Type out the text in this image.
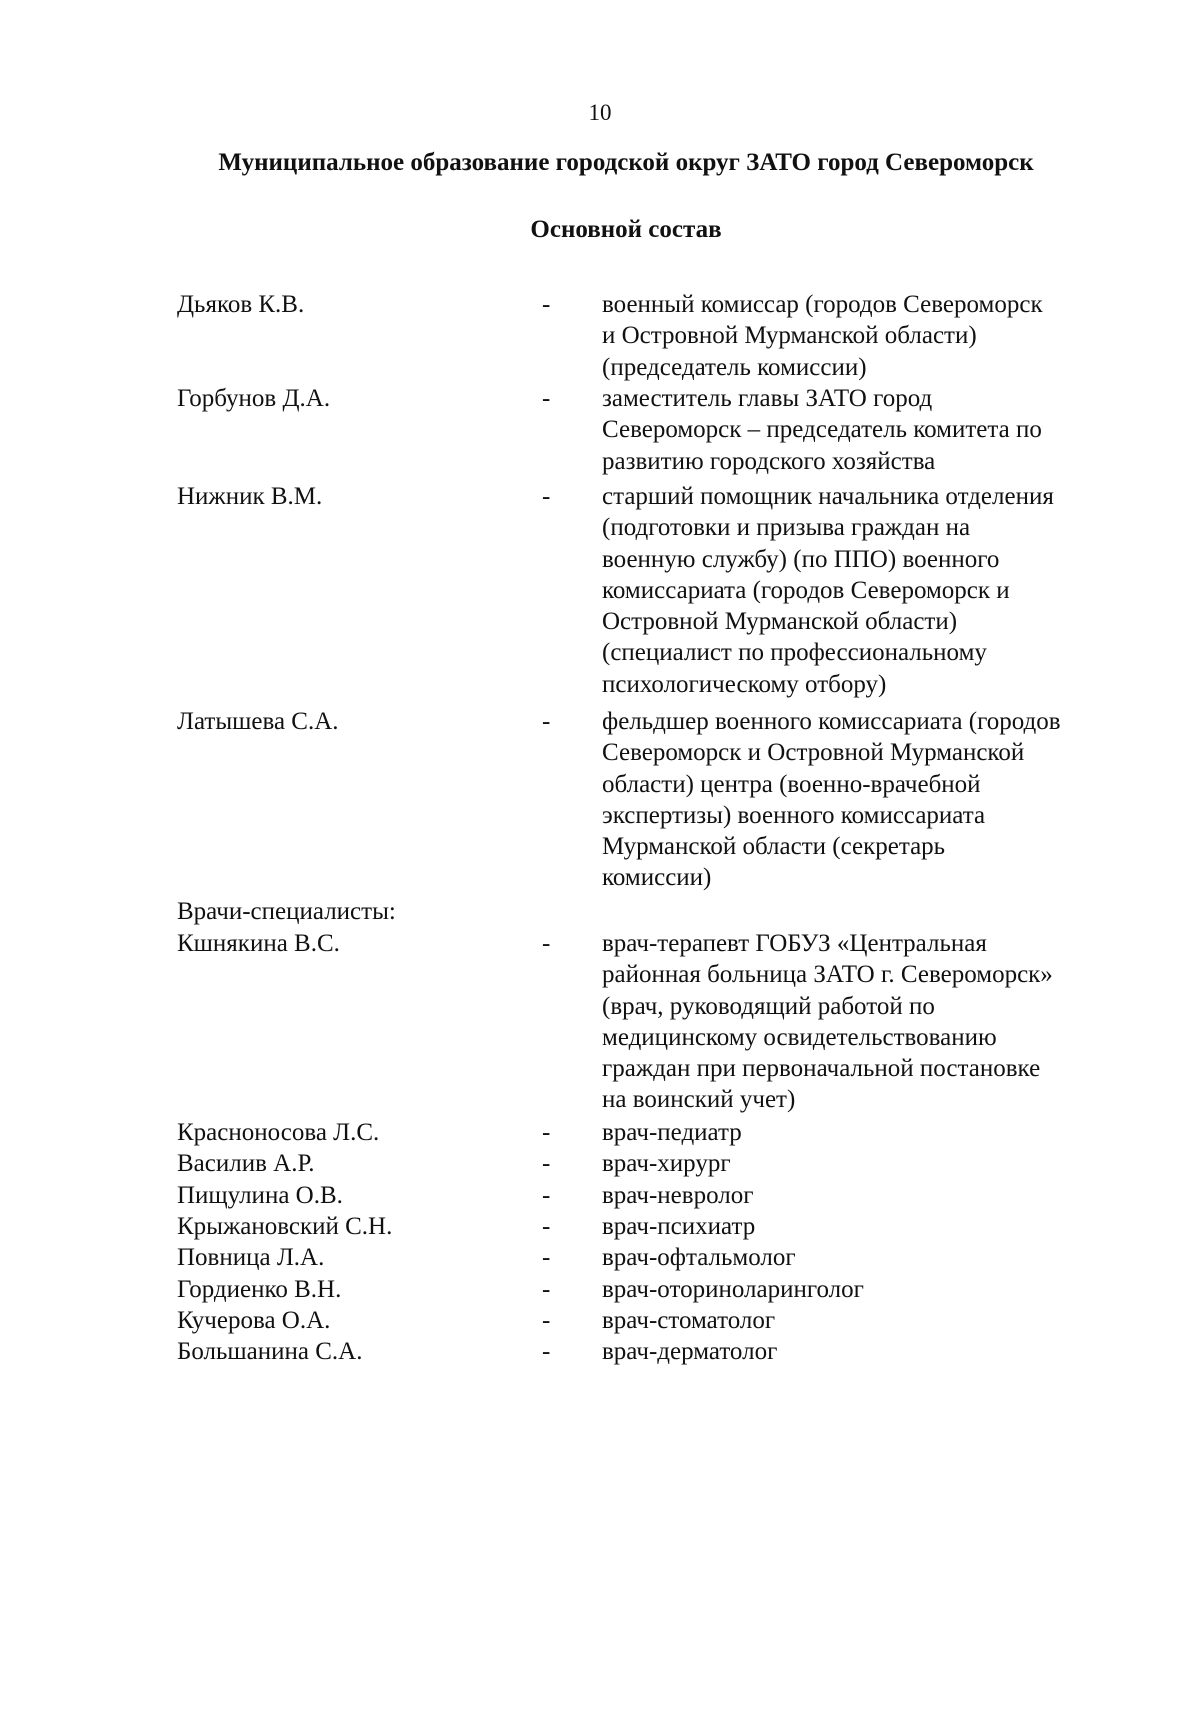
10
Муниципальное образование городской округ ЗАТО город Североморск
Основной состав
Дьяков К.В.	- военный комиссар (городов Североморск
и Островной Мурманской области)
(председатель комиссии)
Горбунов Д.А.	- заместитель главы ЗАТО город
Североморск – председатель комитета по
развитию городского хозяйства
Нижник В.М.	- старший помощник начальника отделения
(подготовки и призыва граждан на
военную службу) (по ППО) военного
комиссариата (городов Североморск и
Островной Мурманской области)
(специалист по профессиональному
психологическому отбору)
Латышева С.А.	- фельдшер военного комиссариата (городов
Североморск и Островной Мурманской
области) центра (военно-врачебной
экспертизы) военного комиссариата
Мурманской области (секретарь
комиссии)
Врачи-специалисты:
Кшнякина В.С.	- врач-терапевт ГОБУЗ «Центральная
районная больница ЗАТО г. Североморск»
(врач, руководящий работой по
медицинскому освидетельствованию
граждан при первоначальной постановке
на воинский учет)
Красноносова Л.С.	- врач-педиатр
Василив А.Р.	- врач-хирург
Пищулина О.В.	- врач-невролог
Крыжановский С.Н.	- врач-психиатр
Повница Л.А.	- врач-офтальмолог
Гордиенко В.Н.	- врач-оториноларинголог
Кучерова О.А.	- врач-стоматолог
Большанина С.А.	- врач-дерматолог
